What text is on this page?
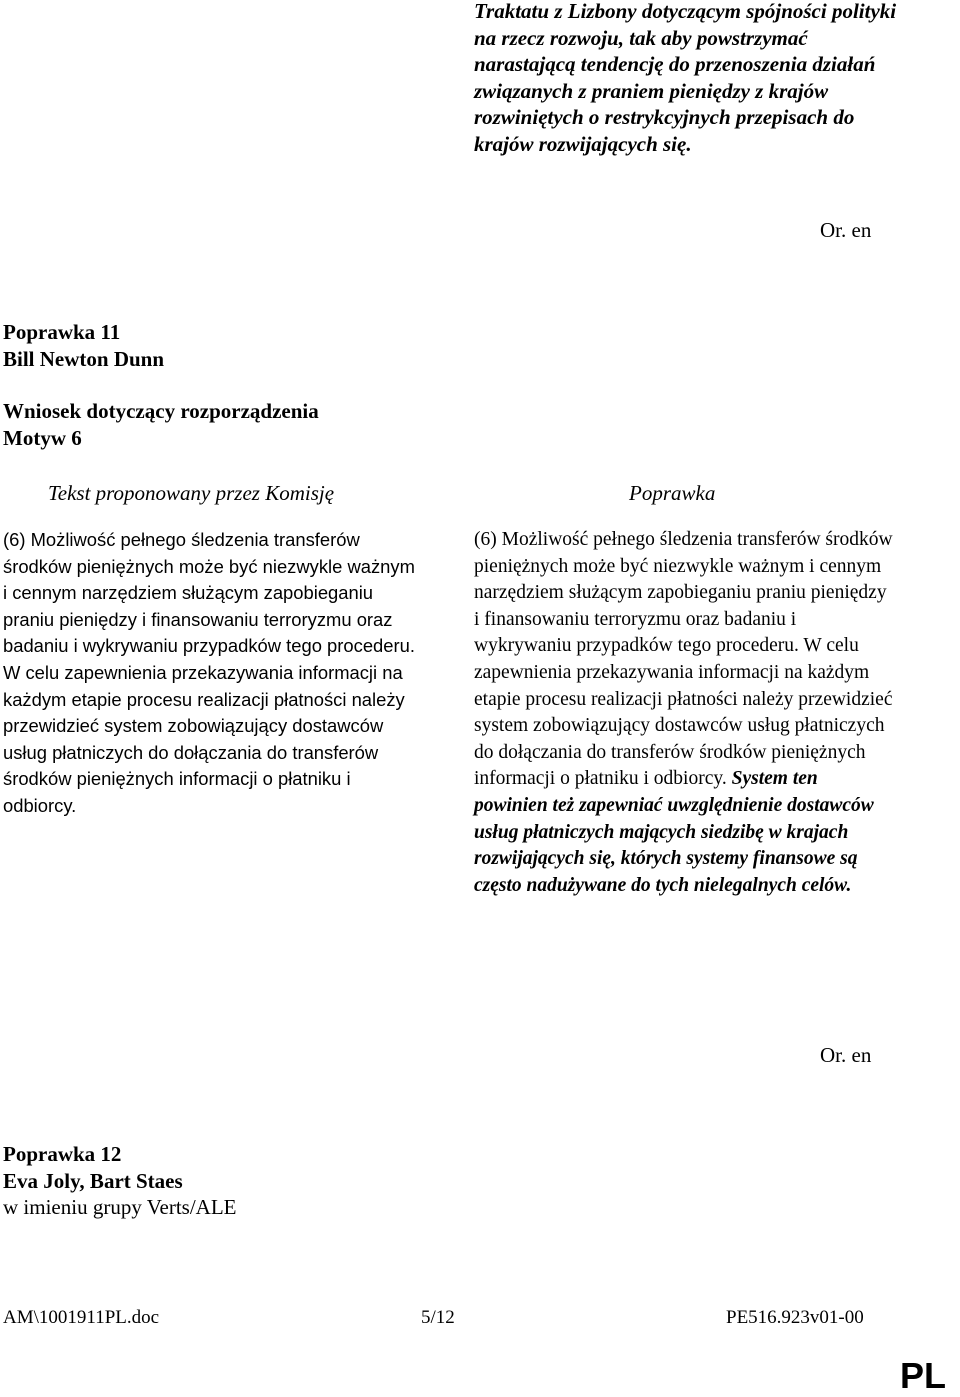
Traktatu z Lizbony dotyczącym spójności polityki na rzecz rozwoju, tak aby powstrzymać narastającą tendencję do przenoszenia działań związanych z praniem pieniędzy z krajów rozwiniętych o restrykcyjnych przepisach do krajów rozwijających się.
Or. en
Poprawka 11
Bill Newton Dunn
Wniosek dotyczący rozporządzenia
Motyw 6
Tekst proponowany przez Komisję	Poprawka
(6) Możliwość pełnego śledzenia transferów środków pieniężnych może być niezwykle ważnym i cennym narzędziem służącym zapobieganiu praniu pieniędzy i finansowaniu terroryzmu oraz badaniu i wykrywaniu przypadków tego procederu. W celu zapewnienia przekazywania informacji na każdym etapie procesu realizacji płatności należy przewidzieć system zobowiązujący dostawców usług płatniczych do dołączania do transferów środków pieniężnych informacji o płatniku i odbiorcy.
(6) Możliwość pełnego śledzenia transferów środków pieniężnych może być niezwykle ważnym i cennym narzędziem służącym zapobieganiu praniu pieniędzy i finansowaniu terroryzmu oraz badaniu i wykrywaniu przypadków tego procederu. W celu zapewnienia przekazywania informacji na każdym etapie procesu realizacji płatności należy przewidzieć system zobowiązujący dostawców usług płatniczych do dołączania do transferów środków pieniężnych informacji o płatniku i odbiorcy. System ten powinien też zapewniać uwzględnienie dostawców usług płatniczych mających siedzibę w krajach rozwijających się, których systemy finansowe są często nadużywane do tych nielegalnych celów.
Or. en
Poprawka 12
Eva Joly, Bart Staes
w imieniu grupy Verts/ALE
AM\1001911PL.doc	5/12	PE516.923v01-00
PL
